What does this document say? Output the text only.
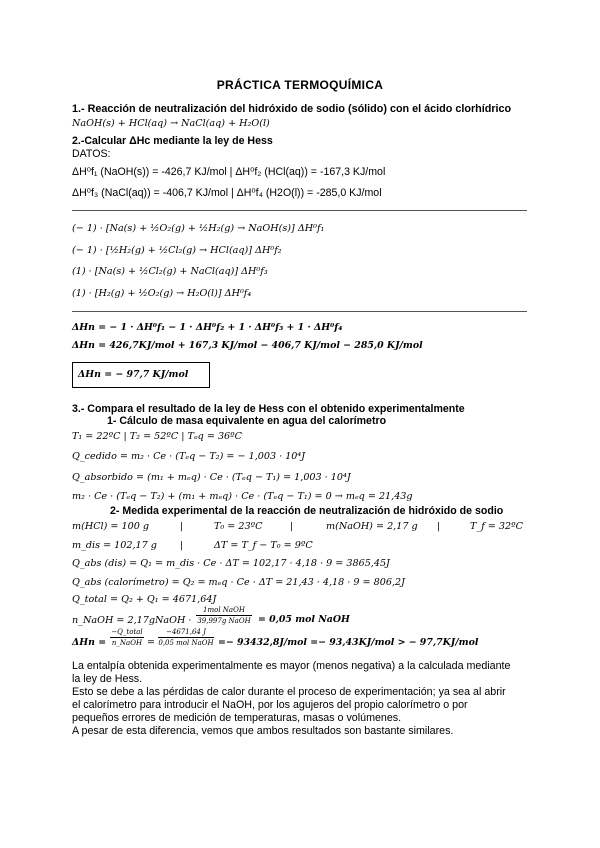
PRÁCTICA TERMOQUÍMICA
1.- Reacción de neutralización del hidróxido de sodio (sólido) con el ácido clorhídrico
NaOH(s) + HCl(aq) → NaCl(aq) + H₂O(l)
2.-Calcular ΔHc mediante la ley de Hess
DATOS:
ΔH⁰f₁ (NaOH(s)) = -426,7 KJ/mol | ΔH⁰f₂ (HCl(aq)) = -167,3 KJ/mol
ΔH⁰f₃ (NaCl(aq)) = -406,7 KJ/mol | ΔH⁰f₄ (H2O(l)) = -285,0 KJ/mol
(− 1) · [Na(s) + ½O₂(g) + ½H₂(g) → NaOH(s)] ΔH⁰f₁
(− 1) · [½H₂(g) + ½Cl₂(g) → HCl(aq)] ΔH⁰f₂
(1) · [Na(s) + ½Cl₂(g) + NaCl(aq)] ΔH⁰f₃
(1) · [H₂(g) + ½O₂(g) → H₂O(l)] ΔH⁰f₄
ΔHn = − 1 · ΔH⁰f₁ − 1 · ΔH⁰f₂ + 1 · ΔH⁰f₃ + 1 · ΔH⁰f₄
ΔHn = 426,7KJ/mol + 167,3 KJ/mol − 406,7 KJ/mol − 285,0 KJ/mol
ΔHn = − 97,7 KJ/mol
3.- Compara el resultado de la ley de Hess con el obtenido experimentalmente
1- Cálculo de masa equivalente en agua del calorímetro
T₁ = 22ºC | T₂ = 52ºC | Tₑq = 36ºC
Q_cedido = m₂ · Ce · (Tₑq − T₂) = − 1,003 · 10⁴J
Q_absorbido = (m₁ + mₑq) · Ce · (Tₑq − T₁) = 1,003 · 10⁴J
m₂ · Ce · (Tₑq − T₂) + (m₁ + mₑq) · Ce · (Tₑq − T₁) = 0 → mₑq = 21,43g
2- Medida experimental de la reacción de neutralización de hidróxido de sodio
m(HCl) = 100 g	|	T₀ = 23ºC	|	m(NaOH) = 2,17 g |	T_f = 32ºC
m_dis = 102,17 g |	ΔT = T_f − T₀ = 9ºC
Q_abs (dis) = Q₁ = m_dis · Ce · ΔT = 102,17 · 4,18 · 9 = 3865,45J
Q_abs (calorímetro) = Q₂ = mₑq · Ce · ΔT = 21,43 · 4,18 · 9 = 806,2J
Q_total = Q₂ + Q₁ = 4671,64J
n_NaOH = 2,17gNaOH ·
1mol NaOH
39,997g NaOH = 0,05 mol NaOH
ΔHn =
−Q_total
n_NaOH =
−4671,64 J
0,05 mol NaOH =− 93432,8J/mol =− 93,43KJ/mol > − 97,7KJ/mol
La entalpía obtenida experimentalmente es mayor (menos negativa) a la calculada mediante
la ley de Hess.
Esto se debe a las pérdidas de calor durante el proceso de experimentación; ya sea al abrir
el calorímetro para introducir el NaOH, por los agujeros del propio calorímetro o por
pequeños errores de medición de temperaturas, masas o volúmenes.
A pesar de esta diferencia, vemos que ambos resultados son bastante similares.
